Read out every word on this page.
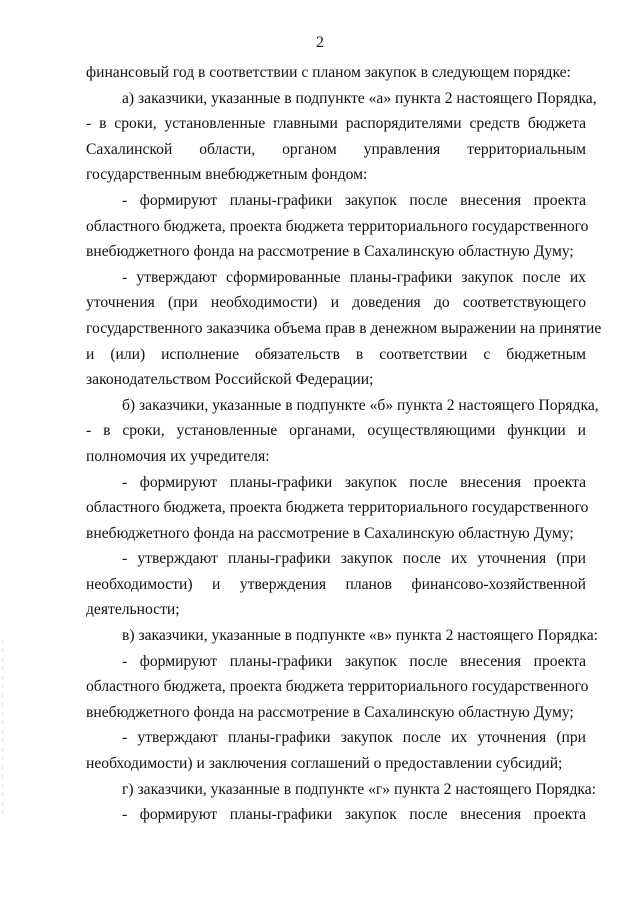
2
финансовый год в соответствии с планом закупок в следующем порядке:
а) заказчики, указанные в подпункте «а» пункта 2 настоящего Порядка,
- в сроки, установленные главными распорядителями средств бюджета
Сахалинской области, органом управления территориальным
государственным внебюджетным фондом:
- формируют планы-графики закупок после внесения проекта
областного бюджета, проекта бюджета территориального государственного
внебюджетного фонда на рассмотрение в Сахалинскую областную Думу;
- утверждают сформированные планы-графики закупок после их
уточнения (при необходимости) и доведения до соответствующего
государственного заказчика объема прав в денежном выражении на принятие
и (или) исполнение обязательств в соответствии с бюджетным
законодательством Российской Федерации;
б) заказчики, указанные в подпункте «б» пункта 2 настоящего Порядка,
- в сроки, установленные органами, осуществляющими функции и
полномочия их учредителя:
- формируют планы-графики закупок после внесения проекта
областного бюджета, проекта бюджета территориального государственного
внебюджетного фонда на рассмотрение в Сахалинскую областную Думу;
- утверждают планы-графики закупок после их уточнения (при
необходимости) и утверждения планов финансово-хозяйственной
деятельности;
в) заказчики, указанные в подпункте «в» пункта 2 настоящего Порядка:
- формируют планы-графики закупок после внесения проекта
областного бюджета, проекта бюджета территориального государственного
внебюджетного фонда на рассмотрение в Сахалинскую областную Думу;
- утверждают планы-графики закупок после их уточнения (при
необходимости) и заключения соглашений о предоставлении субсидий;
г) заказчики, указанные в подпункте «г» пункта 2 настоящего Порядка:
- формируют планы-графики закупок после внесения проекта
